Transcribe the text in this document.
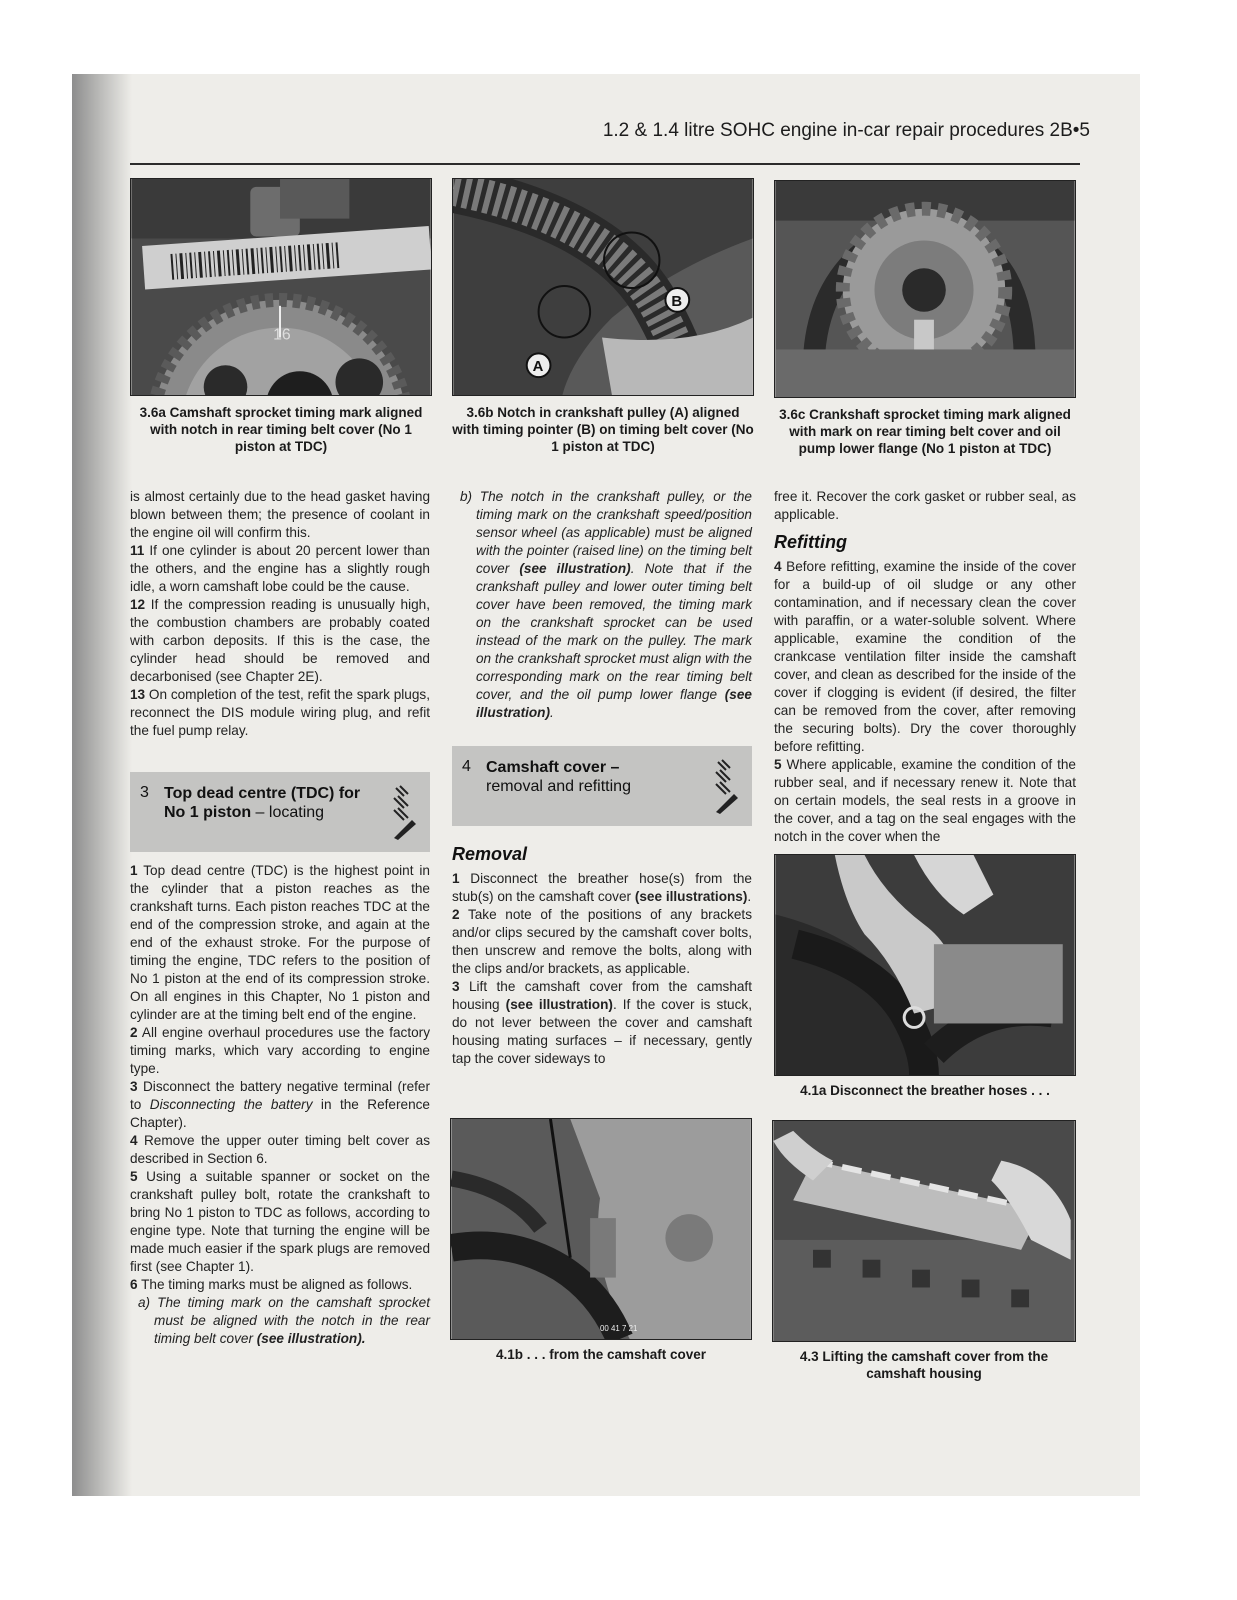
1.2 & 1.4 litre SOHC engine in-car repair procedures 2B•5
16
3.6a Camshaft sprocket timing mark aligned with notch in rear timing belt cover (No 1 piston at TDC)
B
A
3.6b Notch in crankshaft pulley (A) aligned with timing pointer (B) on timing belt cover (No 1 piston at TDC)
3.6c Crankshaft sprocket timing mark aligned with mark on rear timing belt cover and oil pump lower flange (No 1 piston at TDC)

is almost certainly due to the head gasket having blown between them; the presence of coolant in the engine oil will confirm this.

11 If one cylinder is about 20 percent lower than the others, and the engine has a slightly rough idle, a worn camshaft lobe could be the cause.

12 If the compression reading is unusually high, the combustion chambers are probably coated with carbon deposits. If this is the case, the cylinder head should be removed and decarbonised (see Chapter 2E).

13 On completion of the test, refit the spark plugs, reconnect the DIS module wiring plug, and refit the fuel pump relay.

3 Top dead centre (TDC) for No 1 piston – locating

1 Top dead centre (TDC) is the highest point in the cylinder that a piston reaches as the crankshaft turns. Each piston reaches TDC at the end of the compression stroke, and again at the end of the exhaust stroke. For the purpose of timing the engine, TDC refers to the position of No 1 piston at the end of its compression stroke. On all engines in this Chapter, No 1 piston and cylinder are at the timing belt end of the engine.

2 All engine overhaul procedures use the factory timing marks, which vary according to engine type.

3 Disconnect the battery negative terminal (refer to Disconnecting the battery in the Reference Chapter).

4 Remove the upper outer timing belt cover as described in Section 6.

5 Using a suitable spanner or socket on the crankshaft pulley bolt, rotate the crankshaft to bring No 1 piston to TDC as follows, according to engine type. Note that turning the engine will be made much easier if the spark plugs are removed first (see Chapter 1).

6 The timing marks must be aligned as follows.

a) The timing mark on the camshaft sprocket must be aligned with the notch in the rear timing belt cover (see illustration).

b) The notch in the crankshaft pulley, or the timing mark on the crankshaft speed/position sensor wheel (as applicable) must be aligned with the pointer (raised line) on the timing belt cover (see illustration). Note that if the crankshaft pulley and lower outer timing belt cover have been removed, the timing mark on the crankshaft sprocket can be used instead of the mark on the pulley. The mark on the crankshaft sprocket must align with the corresponding mark on the rear timing belt cover, and the oil pump lower flange (see illustration).

4 Camshaft cover –
removal and refitting
Removal

1 Disconnect the breather hose(s) from the stub(s) on the camshaft cover (see illustrations).

2 Take note of the positions of any brackets and/or clips secured by the camshaft cover bolts, then unscrew and remove the bolts, along with the clips and/or brackets, as applicable.

3 Lift the camshaft cover from the camshaft housing (see illustration). If the cover is stuck, do not lever between the cover and camshaft housing mating surfaces – if necessary, gently tap the cover sideways to

free it. Recover the cork gasket or rubber seal, as applicable.

Refitting

4 Before refitting, examine the inside of the cover for a build-up of oil sludge or any other contamination, and if necessary clean the cover with paraffin, or a water-soluble solvent. Where applicable, examine the condition of the crankcase ventilation filter inside the camshaft cover, and clean as described for the inside of the cover if clogging is evident (if desired, the filter can be removed from the cover, after removing the securing bolts). Dry the cover thoroughly before refitting.

5 Where applicable, examine the condition of the rubber seal, and if necessary renew it. Note that on certain models, the seal rests in a groove in the cover, and a tag on the seal engages with the notch in the cover when the

4.1a Disconnect the breather hoses . . .
00 41 7 21
4.1b . . . from the camshaft cover	4.3 Lifting the camshaft cover from the camshaft housing
